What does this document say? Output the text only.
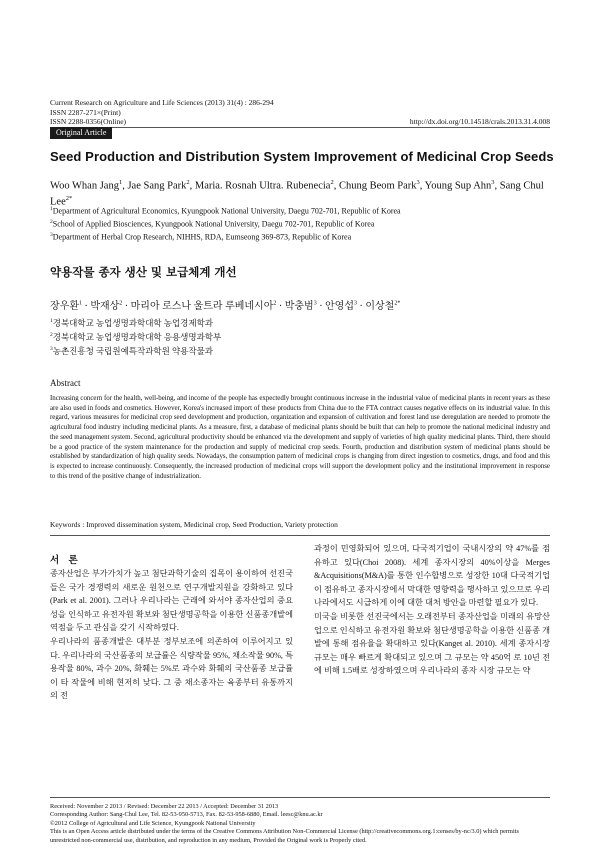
Current Research on Agriculture and Life Sciences (2013) 31(4) : 286-294
ISSN 2287-271×(Print)
ISSN 2288-0356(Online)	http://dx.doi.org/10.14518/crals.2013.31.4.008
Original Article
Seed Production and Distribution System Improvement of Medicinal Crop Seeds
Woo Whan Jang$^1$, Jae Sang Park$^2$, Maria. Rosnah Ultra. Rubenecia$^2$, Chung Beom Park$^3$, Young Sup Ahn$^3$, Sang Chul Lee$^{2*}$
$^1$Department of Agricultural Economics, Kyungpook National University, Daegu 702-701, Republic of Korea
$^2$School of Applied Biosciences, Kyungpook National University, Daegu 702-701, Republic of Korea
$^3$Department of Herbal Crop Research, NIHHS, RDA, Eumseong 369-873, Republic of Korea
약용작물 종자 생산 및 보급체계 개선
장우환$^1$ · 박재상$^2$ · 마리아 로스나 울트라 루베네시아$^2$ · 박충범$^3$ · 안영섭$^3$ · 이상철$^{2*}$
$^1$경북대학교 농업생명과학대학 농업경제학과
$^2$경북대학교 농업생명과학대학 응용생명과학부
$^3$농촌진흥청 국립원예특작과학원 약용작물과
Abstract
Increasing concern for the health, well-being, and income of the people has expectedly brought continuous increase in the industrial value of medicinal plants in recent years as these are also used in foods and cosmetics. However, Korea's increased import of these products from China due to the FTA contract causes negative effects on its industrial value. In this regard, various measures for medicinal crop seed development and production, organization and expansion of cultivation and forest land use deregulation are needed to promote the agricultural food industry including medicinal plants. As a measure, first, a database of medicinal plants should be built that can help to promote the national medicinal industry and the seed management system. Second, agricultural productivity should be enhanced via the development and supply of varieties of high quality medicinal plants. Third, there should be a good practice of the system maintenance for the production and supply of medicinal crop seeds. Fourth, production and distribution system of medicinal plants should be established by standardization of high quality seeds. Nowadays, the consumption pattern of medicinal crops is changing from direct ingestion to cosmetics, drugs, and food and this is expected to increase continuously. Consequently, the increased production of medicinal crops will support the development policy and the institutional improvement in response to this trend of the positive change of industrialization.
Keywords : Improved dissemination system, Medicinal crop, Seed Production, Variety protection
서 론
종자산업은 부가가치가 높고 첨단과학기술의 집목이 용이하여 선진국들은 국가 경쟁력의 새로운 원천으로 연구개발지원을 강화하고 있다(Park et al. 2001). 그러나 우리나라는 근래에 와서야 종자산업의 중요성을 인식하고 유전자원 확보와 첨단생명공학을 이용한 신품종개발에 역점을 두고 관심을 갖기 시작하였다.
우리나라의 품종개발은 대부분 정부보조에 의존하여 이루어지고 있다. 우리나라의 국산품종의 보급률은 식량작물 95%, 채소작물 90%, 특용작물 80%, 과수 20%, 화훼는 5%로 과수와 화훼의 국산품종 보급률이 타 작물에 비해 현저히 낮다. 그 중 채소종자는 육종부터 유통까지의 전
과정이 민영화되어 있으며, 다국적기업이 국내시장의 약 47%를 점유하고 있다(Choi 2008). 세계 종자시장의 40%이상을 Merges &Acquisitions(M&A)를 통한 인수합병으로 성장한 10대 다국적기업이 점유하고 종자시장에서 막대한 영향력을 행사하고 있으므로 우리나라에서도 시급하게 이에 대한 대처 방안을 마련할 필요가 있다.
미국을 비롯한 선진국에서는 오래전부터 종자산업을 미래의 유망산업으로 인식하고 유전자원 확보와 첨단생명공학을 이용한 신품종 개발에 통해 점유율을 확대하고 있다(Kanget al. 2010). 세계 종자시장 규모는 매우 빠르게 확대되고 있으며 그 규모는 약 450억 로 10년 전에 비해 1.5배로 성장하였으며 우리나라의 종자 시장 규모는 약
Received: November 2 2013 / Revised: December 22 2013 / Accepted: December 31 2013
Corresponding Author: Sang-Chul Lee, Tel. 82-53-950-5713, Fax. 82-53-958-6880, Email. leesc@knu.ac.kr
©2012 College of Agricultural and Life Science, Kyungpook National University
This is an Open Access article distributed under the terms of the Creative Commons Attribution Non-Commercial License (http://creativecommons.org.1:censes/by-nc/3.0) which permits unrestricted non-commercial use, distribution, and reproduction in any medium, Provided the Original work is Properly cited.
